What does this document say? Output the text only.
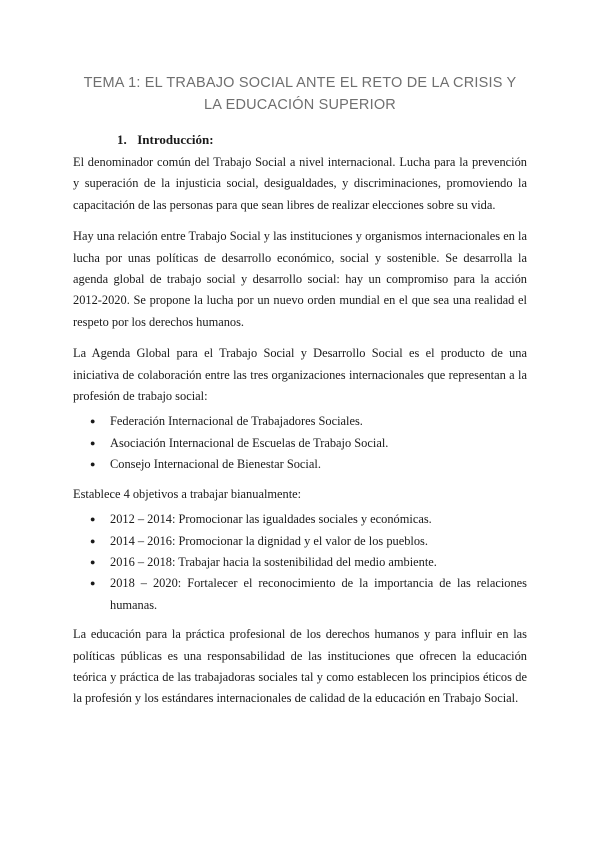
TEMA 1: EL TRABAJO SOCIAL ANTE EL RETO DE LA CRISIS Y
LA EDUCACIÓN SUPERIOR
1. Introducción:

El denominador común del Trabajo Social a nivel internacional. Lucha para la prevención y superación de la injusticia social, desigualdades, y discriminaciones, promoviendo la capacitación de las personas para que sean libres de realizar elecciones sobre su vida.

Hay una relación entre Trabajo Social y las instituciones y organismos internacionales en la lucha por unas políticas de desarrollo económico, social y sostenible. Se desarrolla la agenda global de trabajo social y desarrollo social: hay un compromiso para la acción 2012-2020. Se propone la lucha por un nuevo orden mundial en el que sea una realidad el respeto por los derechos humanos.

La Agenda Global para el Trabajo Social y Desarrollo Social es el producto de una iniciativa de colaboración entre las tres organizaciones internacionales que representan a la profesión de trabajo social:

● Federación Internacional de Trabajadores Sociales.
● Asociación Internacional de Escuelas de Trabajo Social.
● Consejo Internacional de Bienestar Social.

Establece 4 objetivos a trabajar bianualmente:

● 2012 – 2014: Promocionar las igualdades sociales y económicas.
● 2014 – 2016: Promocionar la dignidad y el valor de los pueblos.
● 2016 – 2018: Trabajar hacia la sostenibilidad del medio ambiente.
● 2018 – 2020: Fortalecer el reconocimiento de la importancia de las relaciones humanas.

La educación para la práctica profesional de los derechos humanos y para influir en las políticas públicas es una responsabilidad de las instituciones que ofrecen la educación teórica y práctica de las trabajadoras sociales tal y como establecen los principios éticos de la profesión y los estándares internacionales de calidad de la educación en Trabajo Social.
